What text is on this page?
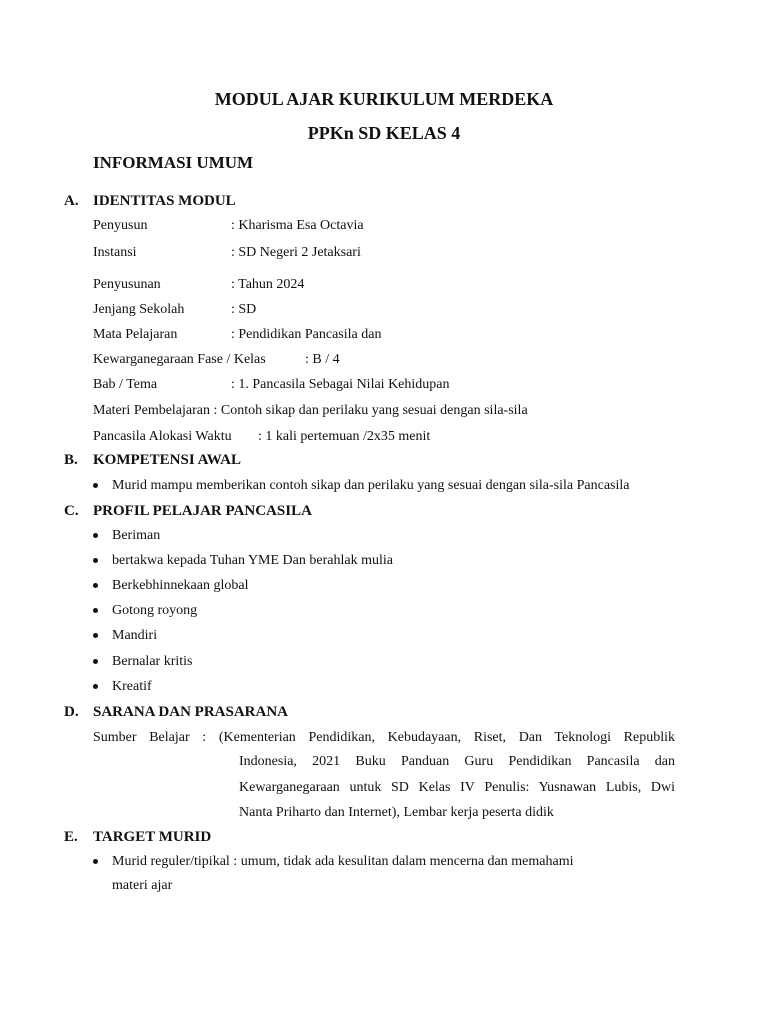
MODUL AJAR KURIKULUM MERDEKA
PPKn SD KELAS 4
INFORMASI UMUM
A. IDENTITAS MODUL
Penyusun	: Kharisma Esa Octavia
Instansi	: SD Negeri 2 Jetaksari
Penyusunan	: Tahun 2024
Jenjang Sekolah	: SD
Mata Pelajaran	: Pendidikan Pancasila dan
Kewarganegaraan Fase / Kelas	: B / 4
Bab / Tema	: 1. Pancasila Sebagai Nilai Kehidupan
Materi Pembelajaran : Contoh sikap dan perilaku yang sesuai dengan sila-sila
Pancasila Alokasi Waktu : 1 kali pertemuan /2x35 menit
B. KOMPETENSI AWAL
Murid mampu memberikan contoh sikap dan perilaku yang sesuai dengan sila-sila Pancasila
C. PROFIL PELAJAR PANCASILA
Beriman
bertakwa kepada Tuhan YME Dan berahlak mulia
Berkebhinnekaan global
Gotong royong
Mandiri
Bernalar kritis
Kreatif
D. SARANA DAN PRASARANA
Sumber Belajar : (Kementerian Pendidikan, Kebudayaan, Riset, Dan Teknologi Republik
Indonesia, 2021 Buku Panduan Guru Pendidikan Pancasila dan
Kewarganegaraan untuk SD Kelas IV Penulis: Yusnawan Lubis, Dwi
Nanta Priharto dan Internet), Lembar kerja peserta didik
E. TARGET MURID
Murid reguler/tipikal : umum, tidak ada kesulitan dalam mencerna dan memahami
materi ajar
